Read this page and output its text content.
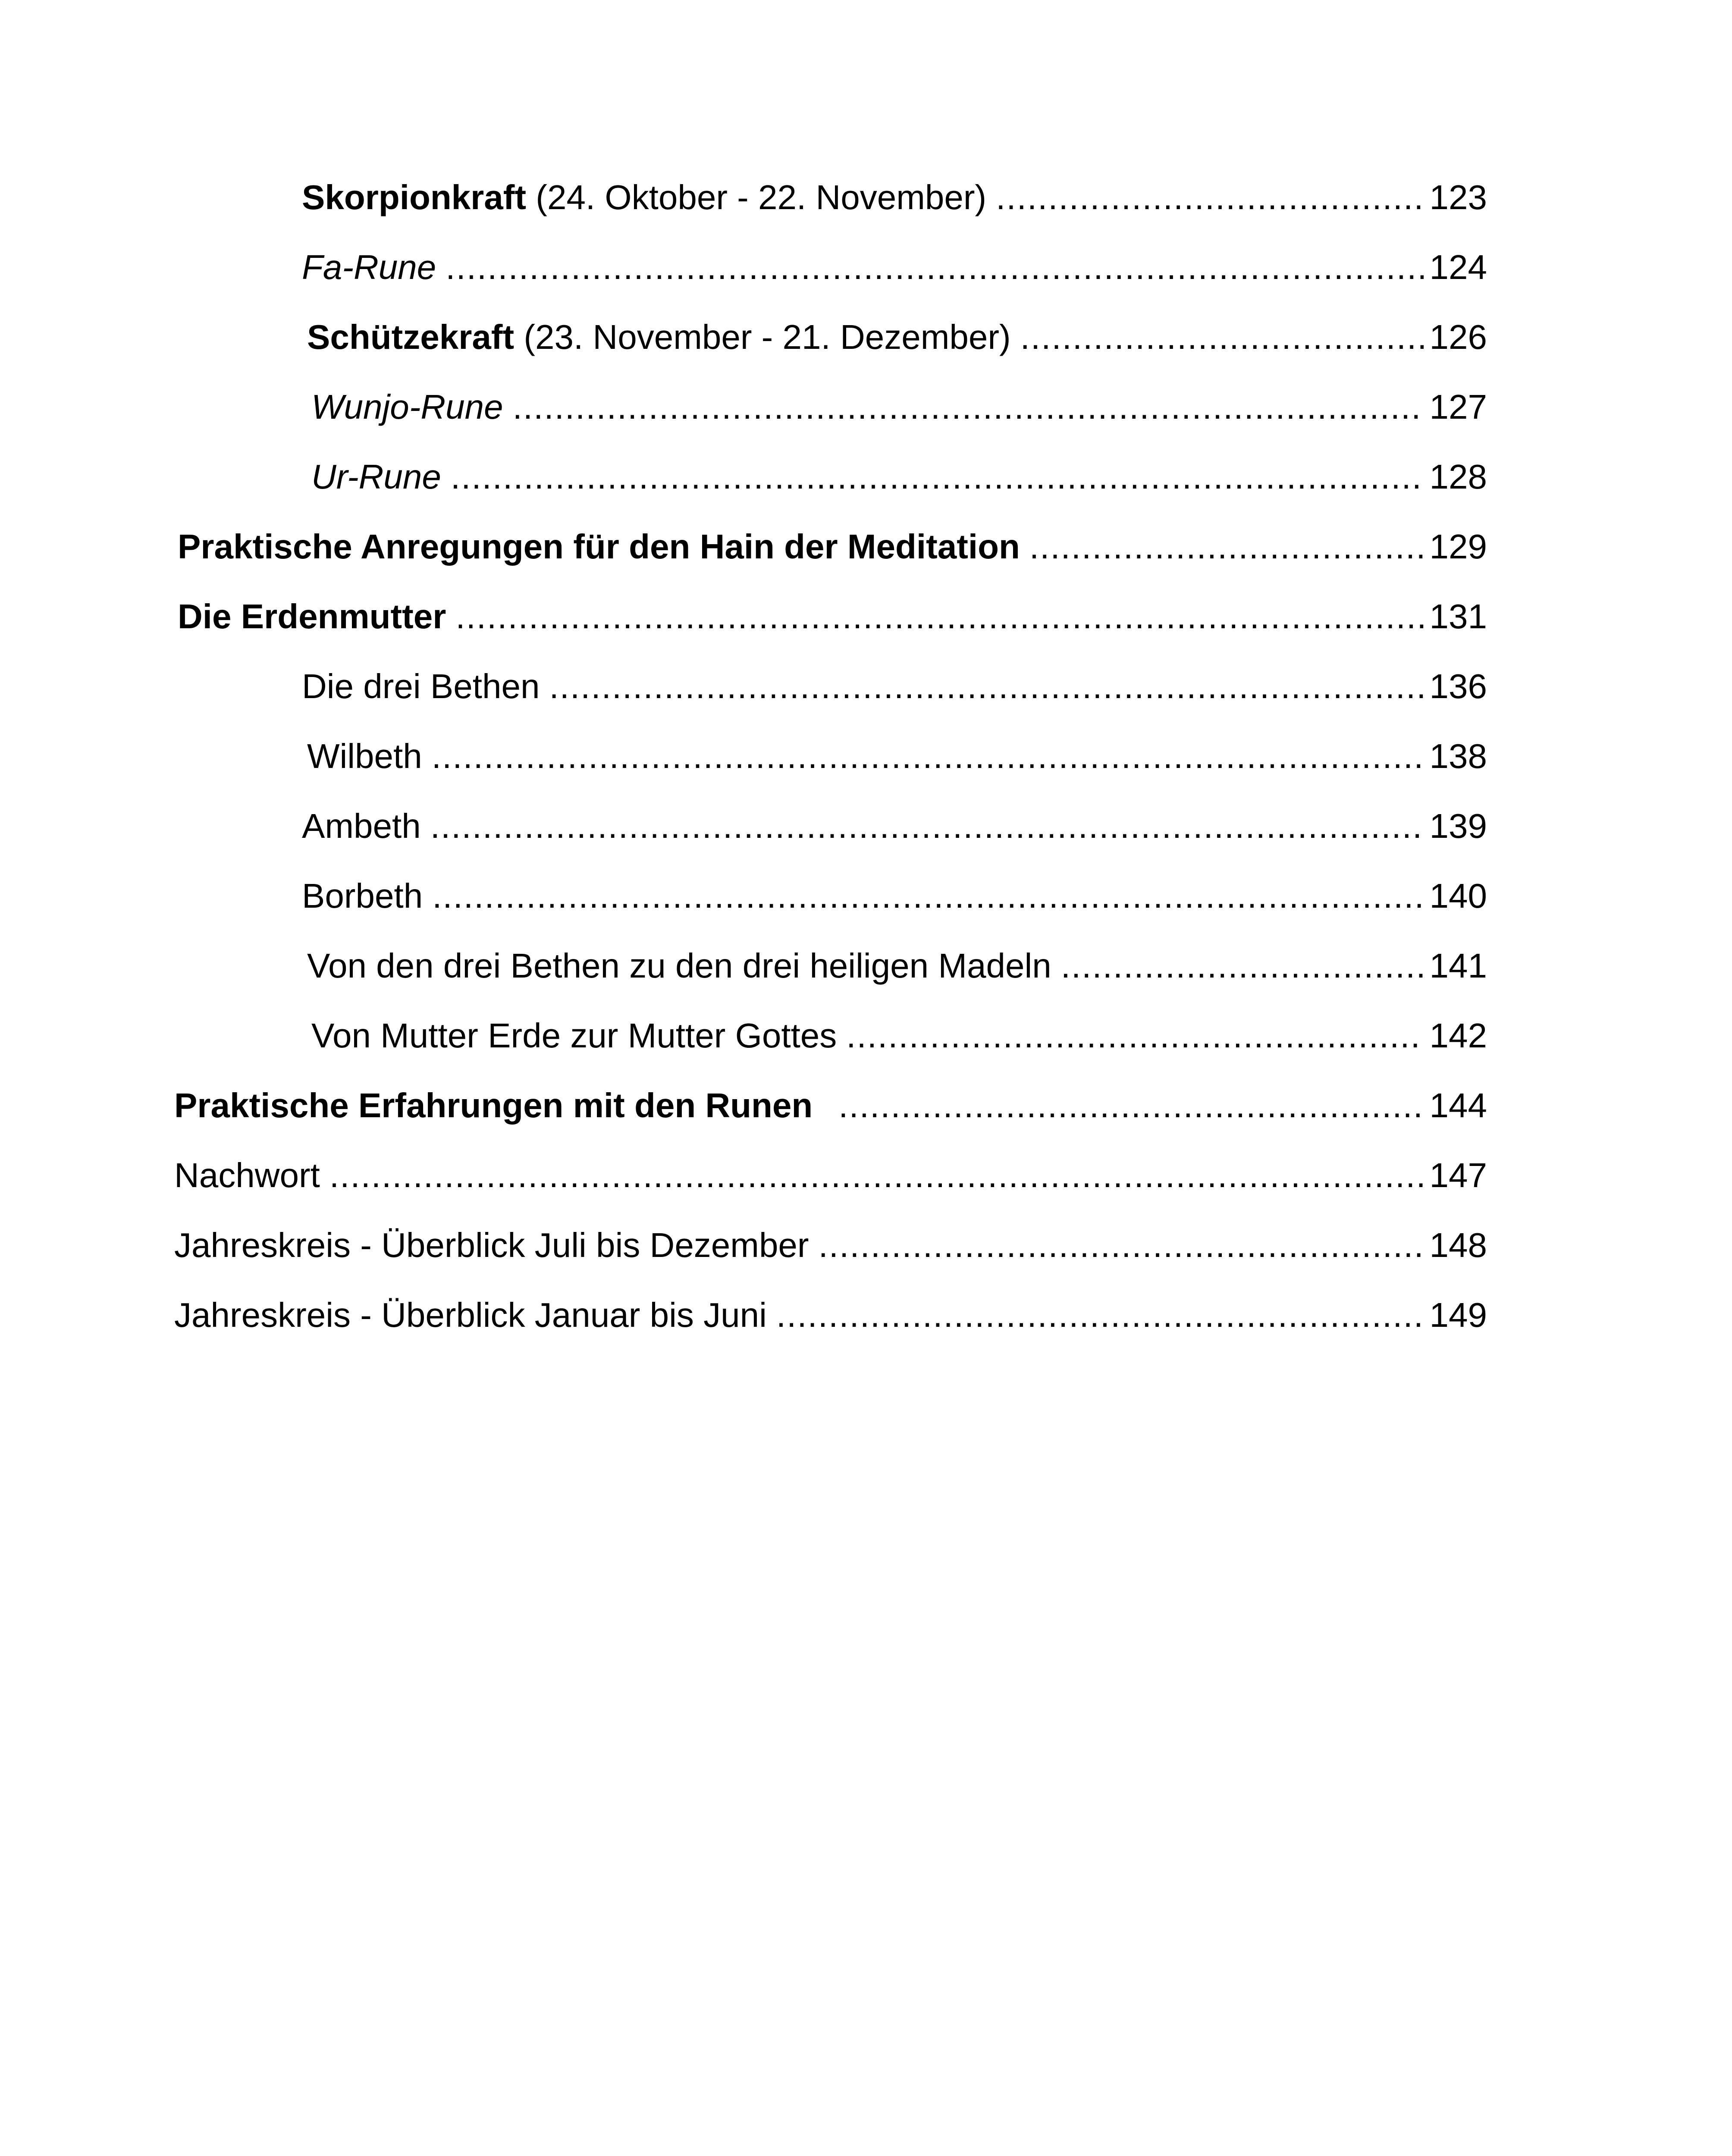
Skorpionkraft (24. Oktober - 22. November) .....	123
Fa-Rune .....	124
Schützekraft (23. November - 21. Dezember) .....	126
Wunjo-Rune .....	127
Ur-Rune .....	128
Praktische Anregungen für den Hain der Meditation .....	129
Die Erdenmutter .....	131
Die drei Bethen .....	136
Wilbeth .....	138
Ambeth .....	139
Borbeth .....	140
Von den drei Bethen zu den drei heiligen Madeln .....	141
Von Mutter Erde zur Mutter Gottes .....	142
Praktische Erfahrungen mit den Runen .....	144
Nachwort .....	147
Jahreskreis - Überblick Juli bis Dezember .....	148
Jahreskreis - Überblick Januar bis Juni .....	149
